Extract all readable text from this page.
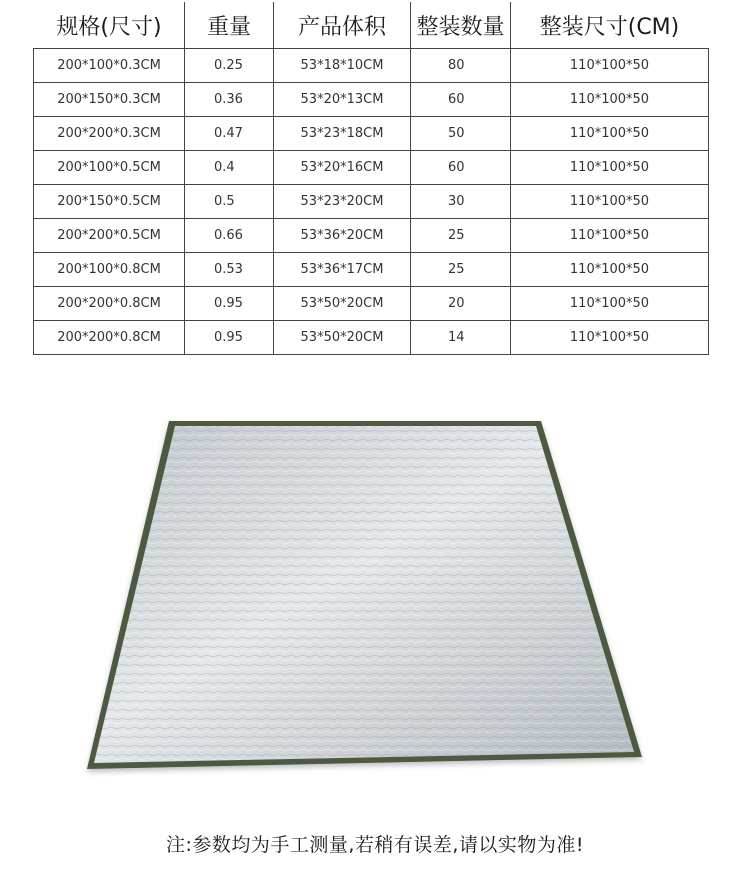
规格(尺寸)	重量	产品体积	整装数量	整装尺寸(CM)
200*100*0.3CM	0.25	53*18*10CM	80	110*100*50
200*150*0.3CM	0.36	53*20*13CM	60	110*100*50
200*200*0.3CM	0.47	53*23*18CM	50	110*100*50
200*100*0.5CM	0.4	53*20*16CM	60	110*100*50
200*150*0.5CM	0.5	53*23*20CM	30	110*100*50
200*200*0.5CM	0.66	53*36*20CM	25	110*100*50
200*100*0.8CM	0.53	53*36*17CM	25	110*100*50
200*200*0.8CM	0.95	53*50*20CM	20	110*100*50
200*200*0.8CM	0.95	53*50*20CM	14	110*100*50
注:参数均为手工测量,若稍有误差,请以实物为准!
